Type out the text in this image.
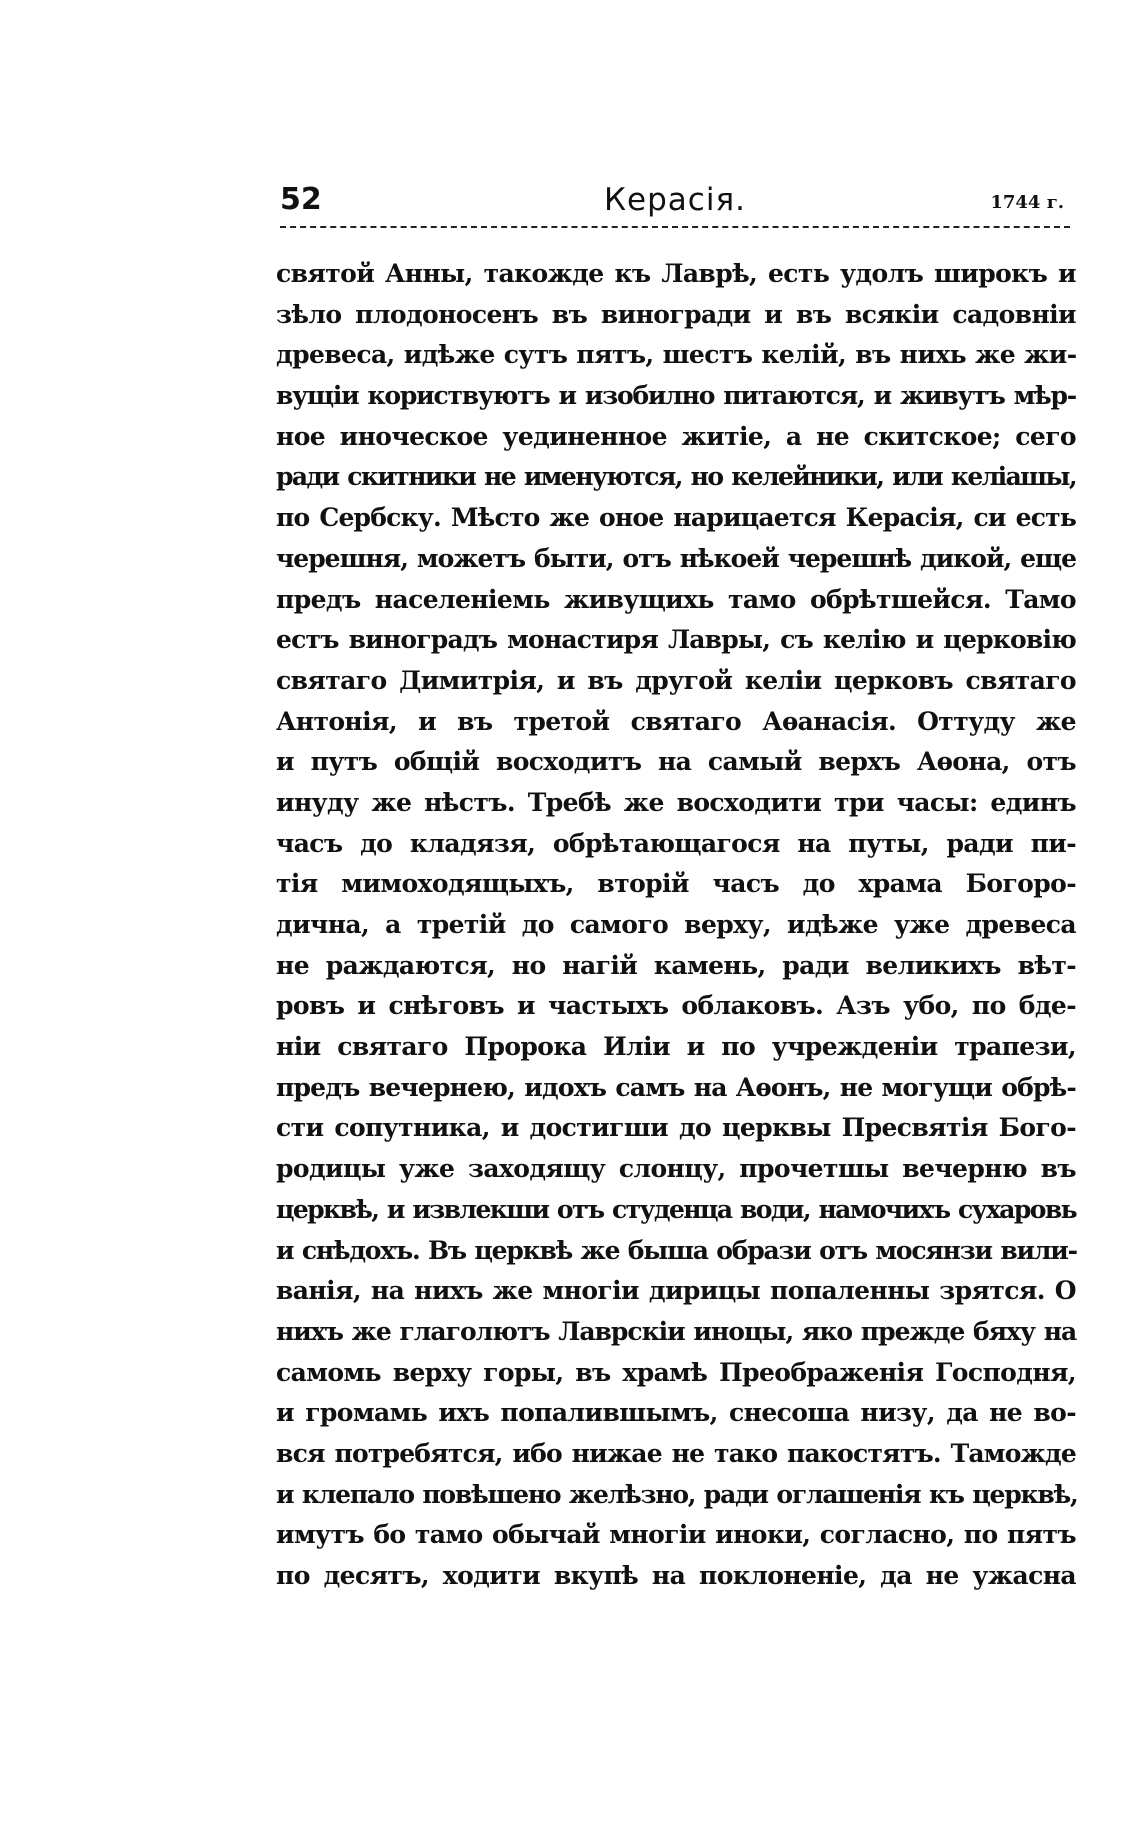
52	Керасія.	1744 г.
святой Анны, такожде къ Лаврѣ, есть удолъ широкъ и
зѣло плодоносенъ въ виногради и въ всякіи садовніи
древеса, идѣже сутъ пятъ, шестъ келій, въ нихь же жи-
вущіи користвуютъ и изобилно питаются, и живутъ мѣр-
ное иноческое уединенное житіе, а не скитское; сего
ради скитники не именуются, но келейники, или келіашы,
по Сербску. Мѣсто же оное нарицается Керасія, си есть
черешня, можетъ быти, отъ нѣкоей черешнѣ дикой, еще
предъ населеніемь живущихь тамо обрѣтшейся. Тамо
естъ виноградъ монастиря Лавры, съ келію и церковію
святаго Димитрія, и въ другой келіи церковъ святаго
Антонія, и въ третой святаго Аѳанасія. Оттуду же
и путъ общій восходитъ на самый верхъ Аѳона, отъ
инуду же нѣстъ. Требѣ же восходити три часы: единъ
часъ до кладязя, обрѣтающагося на путы, ради пи-
тія мимоходящыхъ, вторій часъ до храма Богоро-
дична, а третій до самого верху, идѣже уже древеса
не раждаются, но нагій камень, ради великихъ вѣт-
ровъ и снѣговъ и частыхъ облаковъ. Азъ убо, по бде-
ніи святаго Пророка Иліи и по учрежденіи трапези,
предъ вечернею, идохъ самъ на Аѳонъ, не могущи обрѣ-
сти сопутника, и достигши до церквы Пресвятія Бого-
родицы уже заходящу слонцу, прочетшы вечерню въ
церквѣ, и извлекши отъ студенца води, намочихъ сухаровь
и снѣдохъ. Въ церквѣ же быша образи отъ мосянзи вили-
ванія, на нихъ же многіи дирицы попаленны зрятся. О
нихъ же глаголютъ Лаврскіи иноцы, яко прежде бяху на
самомь верху горы, въ храмѣ Преображенія Господня,
и громамь ихъ попалившымъ, снесоша низу, да не во-
вся потребятся, ибо нижае не тако пакостятъ. Таможде
и клепало повѣшено желѣзно, ради оглашенія къ церквѣ,
имутъ бо тамо обычай многіи иноки, согласно, по пятъ
по десятъ, ходити вкупѣ на поклоненіе, да не ужасна
